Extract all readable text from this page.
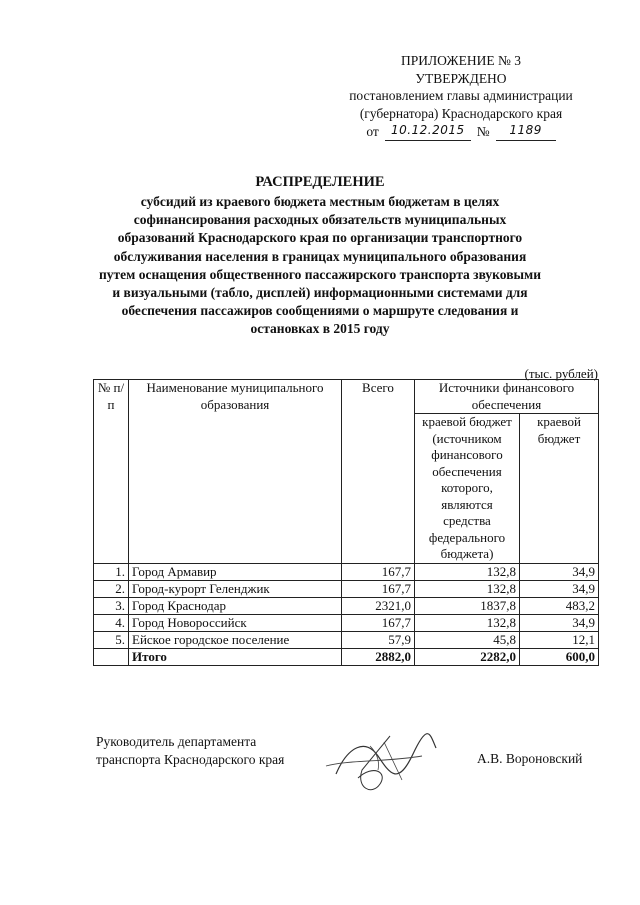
ПРИЛОЖЕНИЕ № 3
УТВЕРЖДЕНО
постановлением главы администрации
(губернатора) Краснодарского края
от	10.12.2015 №	1189
РАСПРЕДЕЛЕНИЕ
субсидий из краевого бюджета местным бюджетам в целях
софинансирования расходных обязательств муниципальных
образований Краснодарского края по организации транспортного
обслуживания населения в границах муниципального образования
путем оснащения общественного пассажирского транспорта звуковыми
и визуальными (табло, дисплей) информационными системами для
обеспечения пассажиров сообщениями о маршруте следования и
остановках в 2015 году
(тыс. рублей)
№ п/п	Наименование муниципального образования	Всего	Источники финансового обеспечения	
			краевой бюджет (источником финансового обеспечения которого, являются средства федерального бюджета)	краевой бюджет
1.	Город Армавир	167,7	132,8	34,9
2.	Город-курорт Геленджик	167,7	132,8	34,9
3.	Город Краснодар	2321,0	1837,8	483,2
4.	Город Новороссийск	167,7	132,8	34,9
5.	Ейское городское поселение	57,9	45,8	12,1
	Итого	2882,0	2282,0	600,0
Руководитель департамента
транспорта Краснодарского края	А.В. Вороновский
